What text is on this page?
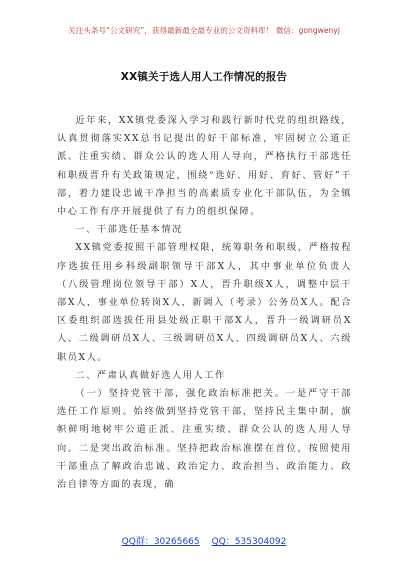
关注头条号“公文研究”，获得最新最全最专业的公文资料库！ 微信：gongwenyj
XX镇关于选人用人工作情况的报告

近年来，XX镇党委深入学习和践行新时代党的组织路线，认真贯彻落实XX总书记提出的好干部标准，牢固树立公道正派、注重实绩、群众公认的选人用人导向，严格执行干部选任和职级晋升有关政策规定，围绕“选好、用好、育好、管好”干部，着力建设忠诚干净担当的高素质专业化干部队伍，为全镇中心工作有序开展提供了有力的组织保障。

一、干部选任基本情况

XX镇党委按照干部管理权限，统筹职务和职级，严格按程序选拔任用乡科级副职领导干部X人，其中事业单位负责人（八级管理岗位领导干部）X人，晋升职级X人，调整中层干部X人，事业单位转岗X人，新调入（考录）公务员X人。配合区委组织部选拔任用县处级正职干部X人，晋升一级调研员X人、二级调研员X人、三级调研员X人、四级调研员X人、六级职员X人。

二、严肃认真做好选人用人工作

（一）坚持党管干部，强化政治标准把关。一是严守干部选任工作原则。始终做到坚持党管干部，坚持民主集中制，旗帜鲜明地树牢公道正派、注重实绩、群众公认的选人用人导向。二是突出政治标准。坚持把政治标准摆在首位，按照使用干部重点了解政治忠诚、政治定力、政治担当、政治能力、政治自律等方面的表现，确

QQ群：30265665 QQ：535304092
